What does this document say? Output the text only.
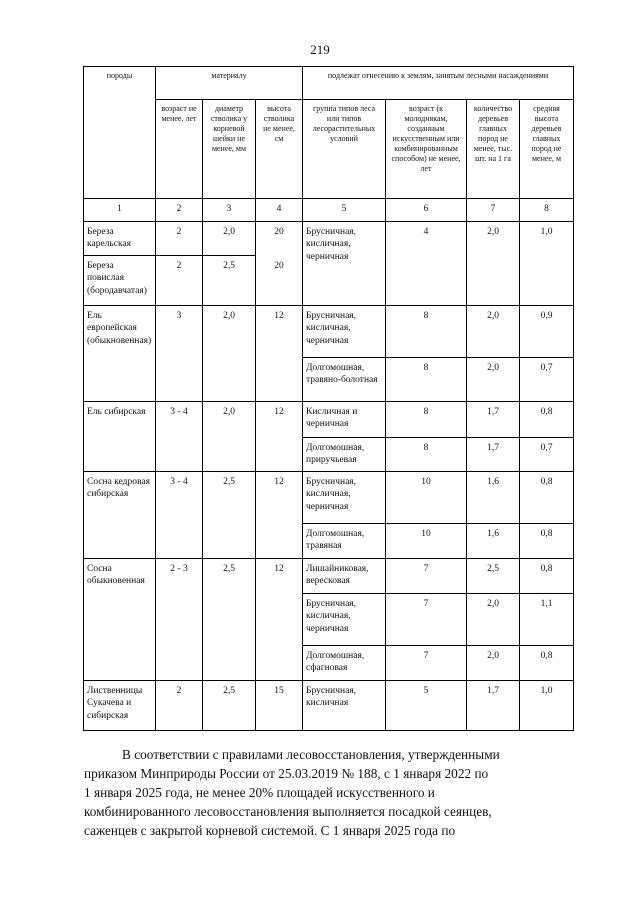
219
породы	материалу			подлежат отнесению к землям, занятым лесными насаждениями			
	возраст не менее, лет	диаметр стволика у корневой шейки не менее, мм	высота стволика не менее, см	группа типов леса или типов лесорастительных условий	возраст (к молоднякам, созданным искусственным или комбинированным способом) не менее, лет	количество деревьев главных пород не менее, тыс. шт. на 1 га	средняя высота деревьев главных пород не менее, м
1	2	3	4	5	6	7	8
Береза карельская	2	2,0	20	Брусничная, кисличная, черничная	4	2,0	1,0
Береза повислая (бородавчатая)	2	2,5	20				
Ель европейская (обыкновенная)	3	2,0	12	Брусничная, кисличная, черничная	8	2,0	0,9
				Долгомошная, травяно-болотная	8	2,0	0,7
Ель сибирская	3 - 4	2,0	12	Кисличная и черничная	8	1,7	0,8
				Долгомошная, приручьевая	8	1,7	0,7
Сосна кедровая сибирская	3 - 4	2,5	12	Брусничная, кисличная, черничная	10	1,6	0,8
				Долгомошная, травяная	10	1,6	0,8
Сосна обыкновенная	2 - 3	2,5	12	Лишайниковая, вересковая	7	2,5	0,8
				Брусничная, кисличная, черничная	7	2,0	1,1
				Долгомошная, сфагновая	7	2,0	0,8
Лиственницы Сукачева и сибирская	2	2,5	15	Брусничная, кисличная	5	1,7	1,0
В соответствии с правилами лесовосстановления, утвержденными
приказом Минприроды России от 25.03.2019 № 188, с 1 января 2022 по
1 января 2025 года, не менее 20% площадей искусственного и
комбинированного лесовосстановления выполняется посадкой сеянцев,
саженцев с закрытой корневой системой. С 1 января 2025 года по
